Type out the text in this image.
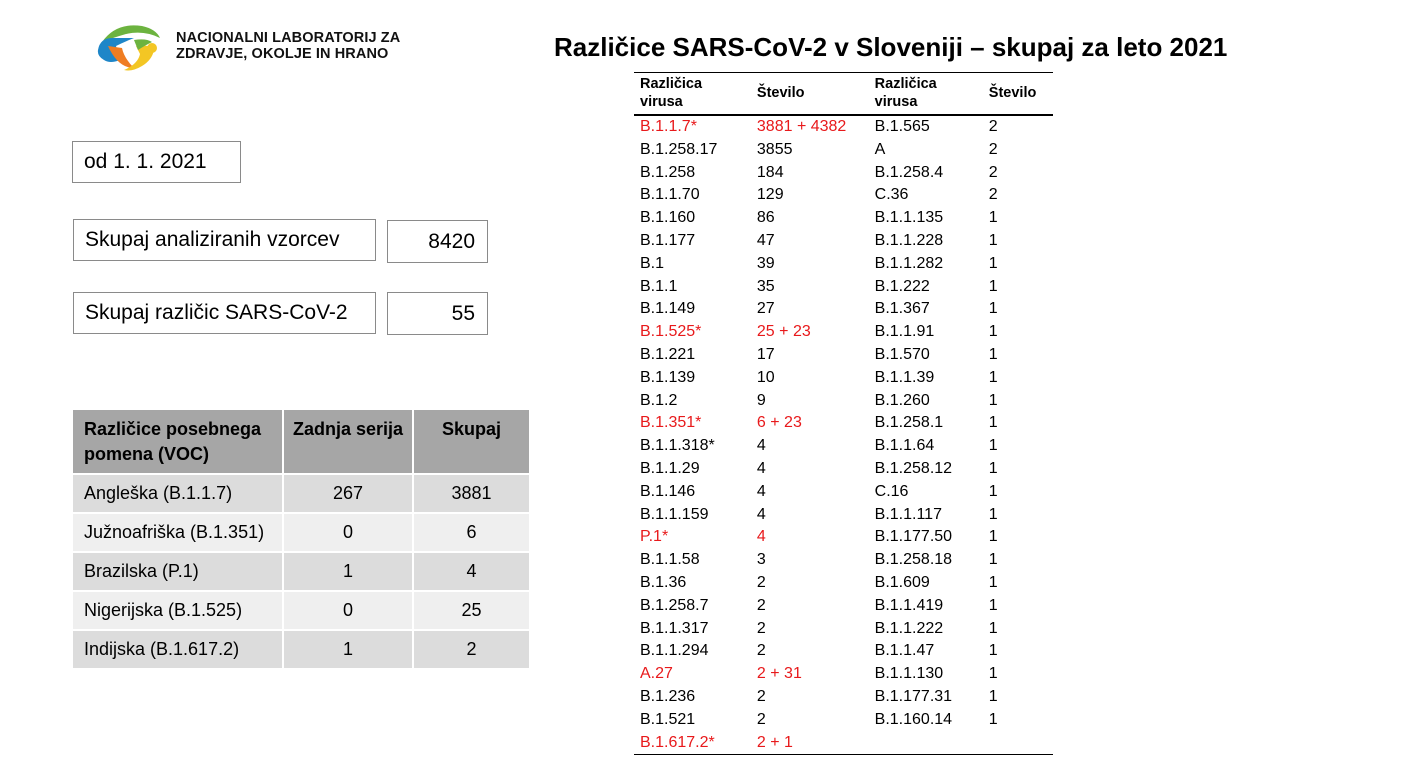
NACIONALNI LABORATORIJ ZA
ZDRAVJE, OKOLJE IN HRANO	Različice SARS-CoV-2 v Sloveniji – skupaj za leto 2021
od 1. 1. 2021
Skupaj analiziranih vzorcev	8420
Skupaj različic SARS-CoV-2	55
Različice posebnega pomena (VOC)	Zadnja serija	Skupaj
Angleška (B.1.1.7)	267	3881
Južnoafriška (B.1.351)	0	6
Brazilska (P.1)	1	4
Nigerijska (B.1.525)	0	25
Indijska (B.1.617.2)	1	2
Različica virusa	Število	Različica virusa	Število
B.1.1.7*	3881 + 4382	B.1.565	2
B.1.258.17	3855	A	2
B.1.258	184	B.1.258.4	2
B.1.1.70	129	C.36	2
B.1.160	86	B.1.1.135	1
B.1.177	47	B.1.1.228	1
B.1	39	B.1.1.282	1
B.1.1	35	B.1.222	1
B.1.149	27	B.1.367	1
B.1.525*	25 + 23	B.1.1.91	1
B.1.221	17	B.1.570	1
B.1.139	10	B.1.1.39	1
B.1.2	9	B.1.260	1
B.1.351*	6 + 23	B.1.258.1	1
B.1.1.318*	4	B.1.1.64	1
B.1.1.29	4	B.1.258.12	1
B.1.146	4	C.16	1
B.1.1.159	4	B.1.1.117	1
P.1*	4	B.1.177.50	1
B.1.1.58	3	B.1.258.18	1
B.1.36	2	B.1.609	1
B.1.258.7	2	B.1.1.419	1
B.1.1.317	2	B.1.1.222	1
B.1.1.294	2	B.1.1.47	1
A.27	2 + 31	B.1.1.130	1
B.1.236	2	B.1.177.31	1
B.1.521	2	B.1.160.14	1
B.1.617.2*	2 + 1		
